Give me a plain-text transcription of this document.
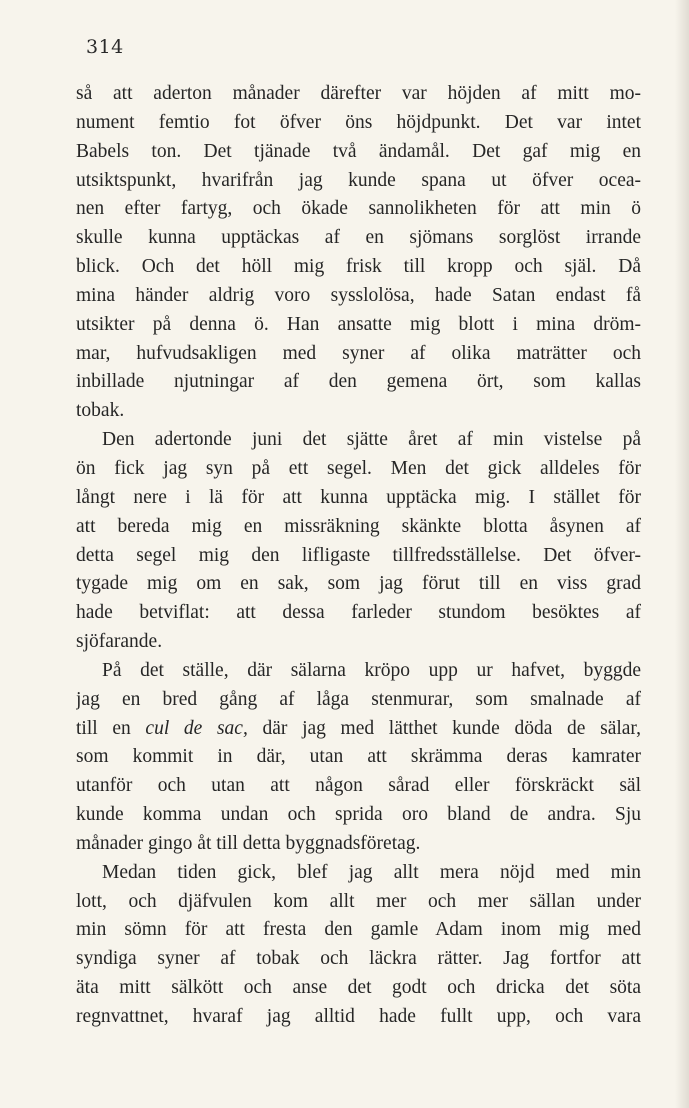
314
så att aderton månader därefter var höjden af mitt mo-
nument femtio fot öfver öns höjdpunkt. Det var intet
Babels ton. Det tjänade två ändamål. Det gaf mig en
utsiktspunkt, hvarifrån jag kunde spana ut öfver ocea-
nen efter fartyg, och ökade sannolikheten för att min ö
skulle kunna upptäckas af en sjömans sorglöst irrande
blick. Och det höll mig frisk till kropp och själ. Då
mina händer aldrig voro sysslolösa, hade Satan endast få
utsikter på denna ö. Han ansatte mig blott i mina dröm-
mar, hufvudsakligen med syner af olika maträtter och
inbillade njutningar af den gemena ört, som kallas
tobak.
Den adertonde juni det sjätte året af min vistelse på
ön fick jag syn på ett segel. Men det gick alldeles för
långt nere i lä för att kunna upptäcka mig. I stället för
att bereda mig en missräkning skänkte blotta åsynen af
detta segel mig den lifligaste tillfredsställelse. Det öfver-
tygade mig om en sak, som jag förut till en viss grad
hade betviflat: att dessa farleder stundom besöktes af
sjöfarande.
På det ställe, där sälarna kröpo upp ur hafvet, byggde
jag en bred gång af låga stenmurar, som smalnade af
till en cul de sac, där jag med lätthet kunde döda de sälar,
som kommit in där, utan att skrämma deras kamrater
utanför och utan att någon sårad eller förskräckt säl
kunde komma undan och sprida oro bland de andra. Sju
månader gingo åt till detta byggnadsföretag.
Medan tiden gick, blef jag allt mera nöjd med min
lott, och djäfvulen kom allt mer och mer sällan under
min sömn för att fresta den gamle Adam inom mig med
syndiga syner af tobak och läckra rätter. Jag fortfor att
äta mitt sälkött och anse det godt och dricka det söta
regnvattnet, hvaraf jag alltid hade fullt upp, och vara
